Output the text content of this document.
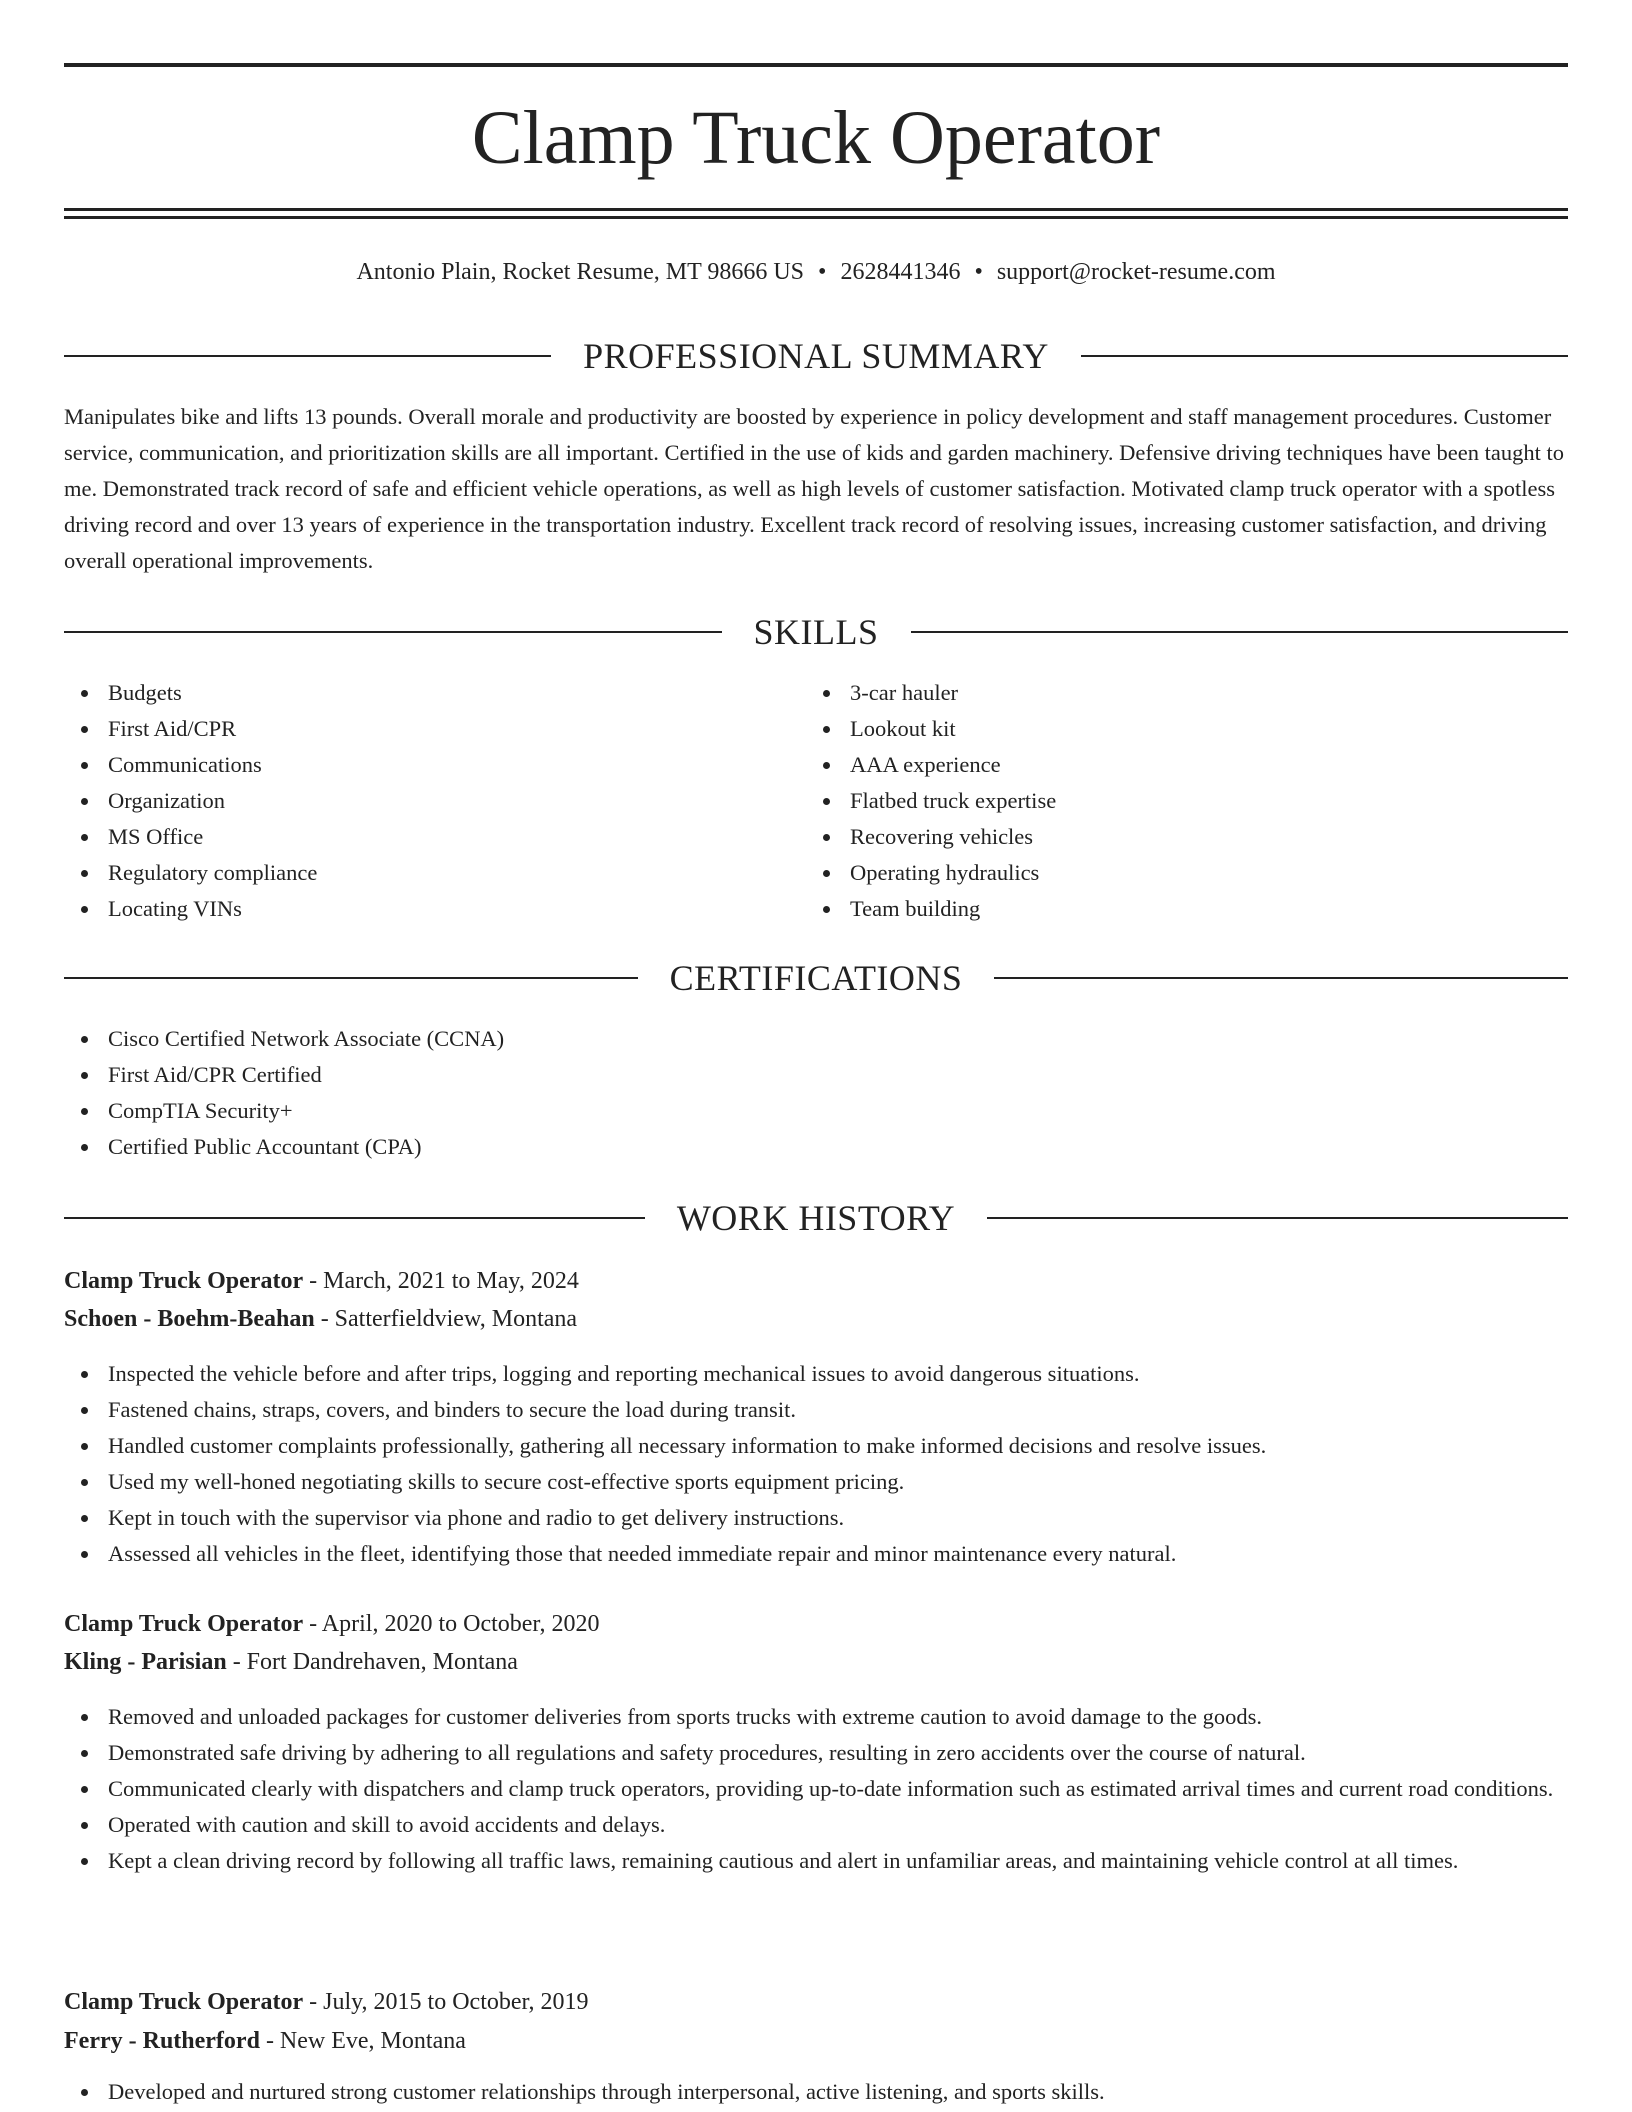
Clamp Truck Operator
Antonio Plain, Rocket Resume, MT 98666 US • 2628441346 • support@rocket-resume.com
PROFESSIONAL SUMMARY

Manipulates bike and lifts 13 pounds. Overall morale and productivity are boosted by experience in policy development and staff management procedures. Customer service, communication, and prioritization skills are all important. Certified in the use of kids and garden machinery. Defensive driving techniques have been taught to me. Demonstrated track record of safe and efficient vehicle operations, as well as high levels of customer satisfaction. Motivated clamp truck operator with a spotless driving record and over 13 years of experience in the transportation industry. Excellent track record of resolving issues, increasing customer satisfaction, and driving overall operational improvements.

SKILLS
Budgets
First Aid/CPR
Communications
Organization
MS Office
Regulatory compliance
Locating VINs
3-car hauler
Lookout kit
AAA experience
Flatbed truck expertise
Recovering vehicles
Operating hydraulics
Team building
CERTIFICATIONS
Cisco Certified Network Associate (CCNA)
First Aid/CPR Certified
CompTIA Security+
Certified Public Accountant (CPA)
WORK HISTORY
Clamp Truck Operator - March, 2021 to May, 2024
Schoen - Boehm-Beahan - Satterfieldview, Montana
Inspected the vehicle before and after trips, logging and reporting mechanical issues to avoid dangerous situations.
Fastened chains, straps, covers, and binders to secure the load during transit.
Handled customer complaints professionally, gathering all necessary information to make informed decisions and resolve issues.
Used my well-honed negotiating skills to secure cost-effective sports equipment pricing.
Kept in touch with the supervisor via phone and radio to get delivery instructions.
Assessed all vehicles in the fleet, identifying those that needed immediate repair and minor maintenance every natural.
Clamp Truck Operator - April, 2020 to October, 2020
Kling - Parisian - Fort Dandrehaven, Montana
Removed and unloaded packages for customer deliveries from sports trucks with extreme caution to avoid damage to the goods.
Demonstrated safe driving by adhering to all regulations and safety procedures, resulting in zero accidents over the course of natural.
Communicated clearly with dispatchers and clamp truck operators, providing up-to-date information such as estimated arrival times and current road conditions.
Operated with caution and skill to avoid accidents and delays.
Kept a clean driving record by following all traffic laws, remaining cautious and alert in unfamiliar areas, and maintaining vehicle control at all times.
Clamp Truck Operator - July, 2015 to October, 2019
Ferry - Rutherford - New Eve, Montana
Developed and nurtured strong customer relationships through interpersonal, active listening, and sports skills.
